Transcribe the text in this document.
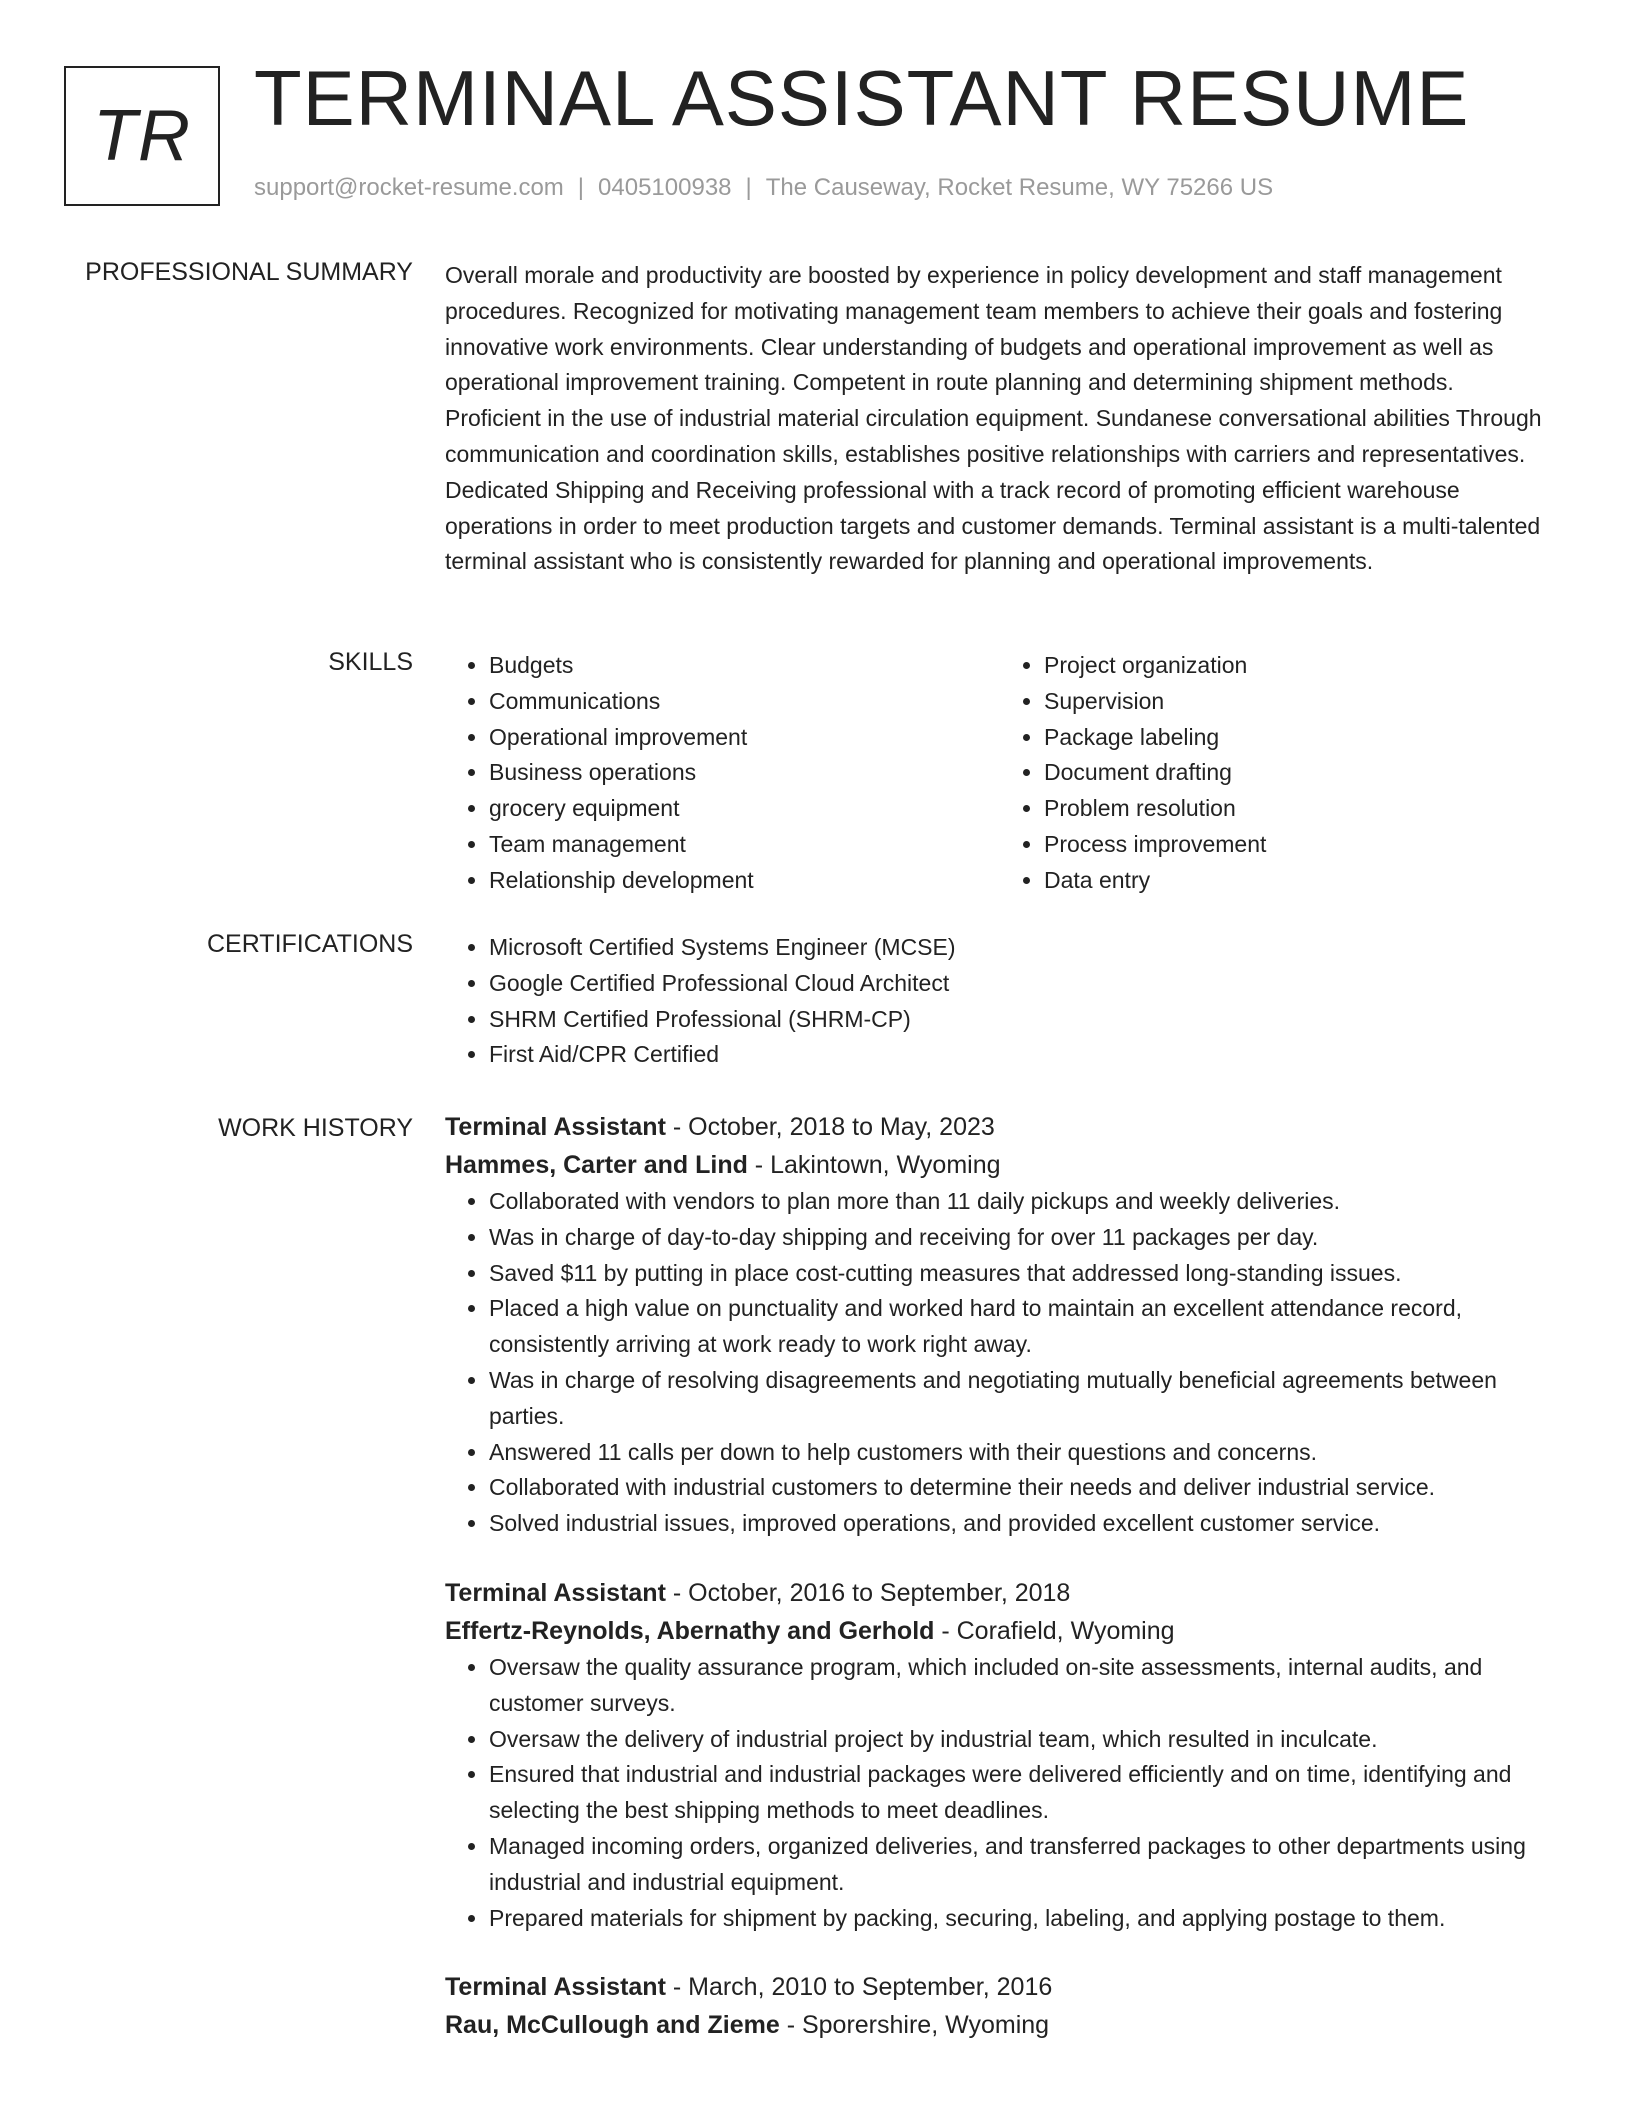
TR TERMINAL ASSISTANT RESUME
support@rocket-resume.com | 0405100938 | The Causeway, Rocket Resume, WY 75266 US
PROFESSIONAL SUMMARY Overall morale and productivity are boosted by experience in policy development and staff management procedures. Recognized for motivating management team members to achieve their goals and fostering innovative work environments. Clear understanding of budgets and operational improvement as well as operational improvement training. Competent in route planning and determining shipment methods. Proficient in the use of industrial material circulation equipment. Sundanese conversational abilities Through communication and coordination skills, establishes positive relationships with carriers and representatives. Dedicated Shipping and Receiving professional with a track record of promoting efficient warehouse operations in order to meet production targets and customer demands. Terminal assistant is a multi-talented terminal assistant who is consistently rewarded for planning and operational improvements.

SKILLS	• Budgets
• Communications
• Operational improvement
• Business operations
• grocery equipment
• Team management
• Relationship development
• Project organization
• Supervision
• Package labeling
• Document drafting
• Problem resolution
• Process improvement
• Data entry
CERTIFICATIONS	• Microsoft Certified Systems Engineer (MCSE)
• Google Certified Professional Cloud Architect
• SHRM Certified Professional (SHRM-CP)
• First Aid/CPR Certified
WORK HISTORY Terminal Assistant - October, 2018 to May, 2023
Hammes, Carter and Lind - Lakintown, Wyoming
• Collaborated with vendors to plan more than 11 daily pickups and weekly deliveries.
• Was in charge of day-to-day shipping and receiving for over 11 packages per day.
• Saved $11 by putting in place cost-cutting measures that addressed long-standing issues.
• Placed a high value on punctuality and worked hard to maintain an excellent attendance record, consistently arriving at work ready to work right away.
• Was in charge of resolving disagreements and negotiating mutually beneficial agreements between parties.
• Answered 11 calls per down to help customers with their questions and concerns.
• Collaborated with industrial customers to determine their needs and deliver industrial service.
• Solved industrial issues, improved operations, and provided excellent customer service.
Terminal Assistant - October, 2016 to September, 2018
Effertz-Reynolds, Abernathy and Gerhold - Corafield, Wyoming
• Oversaw the quality assurance program, which included on-site assessments, internal audits, and customer surveys.
• Oversaw the delivery of industrial project by industrial team, which resulted in inculcate.
• Ensured that industrial and industrial packages were delivered efficiently and on time, identifying and selecting the best shipping methods to meet deadlines.
• Managed incoming orders, organized deliveries, and transferred packages to other departments using industrial and industrial equipment.
• Prepared materials for shipment by packing, securing, labeling, and applying postage to them.
Terminal Assistant - March, 2010 to September, 2016
Rau, McCullough and Zieme - Sporershire, Wyoming
